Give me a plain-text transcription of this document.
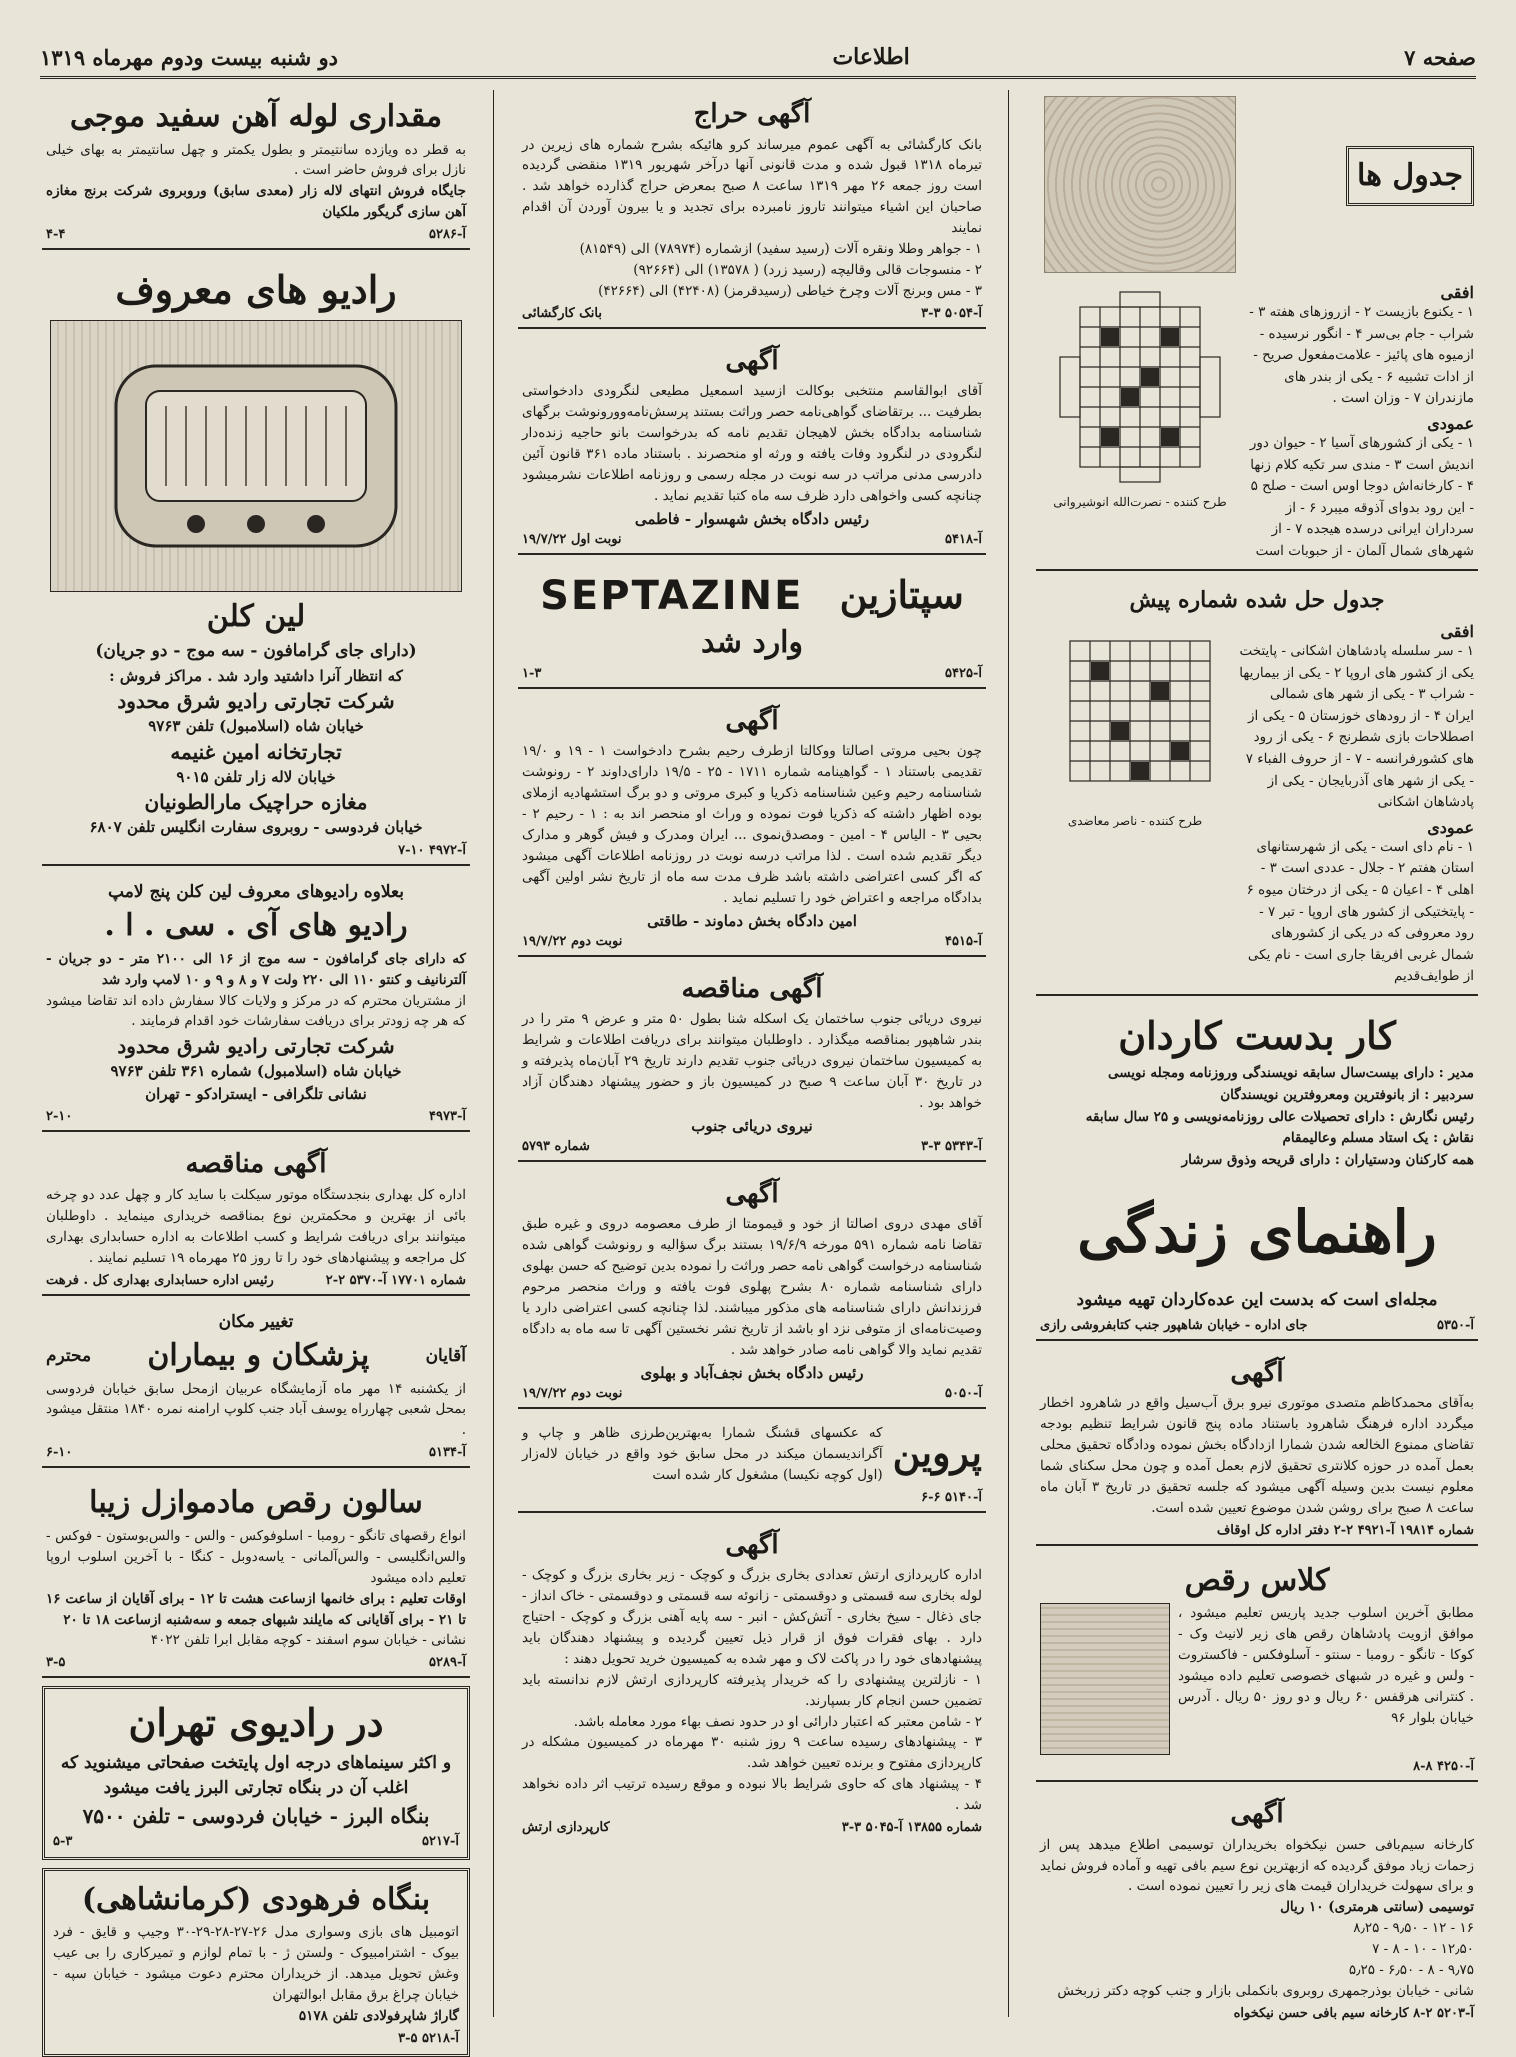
صفحه ۷
اطلاعات
دو شنبه بیست ودوم مهرماه ۱۳۱۹
جدول ها
افقی
۱ - یکنوع بازیست ۲ - ازروزهای هفته ۳ - شراب - جام بی‌سر ۴ - انگور نرسیده - ازمیوه های پائیز - علامت‌مفعول صریح - از ادات تشبیه ۶ - یکی از بندر های مازندران ۷ - وزان است .
عمودی
۱ - یکی از کشورهای آسیا ۲ - حیوان دور اندیش است ۳ - مندی سر تکیه کلام زنها ۴ - کارخانه‌اش دوجا اوس است - صلح ۵ - این رود بدوای آذوقه میبرد ۶ - از سرداران ایرانی درسده هیجده ۷ - از شهرهای شمال آلمان - از حبوبات است
طرح کننده - نصرت‌الله انوشیروانی
جدول حل شده شماره پیش
افقی
۱ - سر سلسله پادشاهان اشکانی - پایتخت یکی از کشور های اروپا ۲ - یکی از بیماریها - شراب ۳ - یکی از شهر های شمالی ایران ۴ - از رودهای خوزستان ۵ - یکی از اصطلاحات بازی شطرنج ۶ - یکی از رود های کشورفرانسه - ۷ - از حروف الفباء ۷ - یکی از شهر های آذربایجان - یکی از پادشاهان اشکانی
عمودی
۱ - نام دای است - یکی از شهرستانهای استان هفتم ۲ - جلال - عددی است ۳ - اهلی ۴ - اعیان ۵ - یکی از درختان میوه ۶ - پایتختیکی از کشور های اروپا - تبر ۷ - رود معروفی که در یکی از کشورهای شمال غربی افریقا جاری است - نام یکی از طوایف‌قدیم
طرح کننده - ناصر معاضدی
کار بدست کاردان
مدیر : دارای بیست‌سال سابقه نویسندگی وروزنامه ومجله نویسی
سردبیر : از بانوفترین ومعروفترین نویسندگان
رئیس نگارش : دارای تحصیلات عالی روزنامه‌نویسی و ۲۵ سال سابقه
نقاش : یک استاد مسلم وعالیمقام
همه کارکنان ودستیاران : دارای قریحه وذوق سرشار
راهنمای زندگی
مجله‌ای است که بدست این عده‌کاردان تهیه میشود
آ-۵۳۵۰
جای اداره - خیابان شاهپور جنب کتابفروشی رازی
آگهی
به‌آقای محمدکاظم متصدی موتوری نیرو برق آب‌سیل واقع در شاهرود اخطار میگردد اداره فرهنگ شاهرود باستناد ماده پنج قانون شرایط تنظیم بودجه تقاضای ممنوع الخالعه شدن شمارا ازدادگاه بخش نموده ودادگاه تحقیق محلی بعمل آمده در حوزه کلانتری تحقیق لازم بعمل آمده و چون محل سکنای شما معلوم نیست بدین وسیله آگهی میشود که جلسه تحقیق در تاریخ ۳ آبان ماه ساعت ۸ صبح برای روشن شدن موضوع تعیین شده است.
شماره ۱۹۸۱۴ آ-۴۹۲۱ ۲-۲ دفتر اداره کل اوقاف
کلاس رقص
مطابق آخرین اسلوب جدید پاریس تعلیم میشود ، موافق ازویت پادشاهان رقص های زیر لانیث وک - کوکا - تانگو - رومبا - سنتو - آسلوفکس - فاکستروت - ولس و غیره در شبهای خصوصی تعلیم داده میشود . کنترانی هرقفس ۶۰ ریال و دو روز ۵۰ ریال . آدرس خیابان بلوار ۹۶
آ-۴۲۵۰ ۸-۸
آگهی
کارخانه سیم‌بافی حسن نیکخواه بخریداران توسیمی اطلاع میدهد پس از زحمات زیاد موفق گردیده که ازبهترین نوع سیم بافی تهیه و آماده فروش نماید و برای سهولت خریداران قیمت های زیر را تعیین نموده است .
توسیمی (سانتی هرمتری) ۱۰ ریال
۱۶ - ۱۲ - ۹٫۵۰ - ۸٫۲۵
۱۲٫۵۰ - ۱۰ - ۸ - ۷
۹٫۷۵ - ۸ - ۶٫۵۰ - ۵٫۲۵
شانی - خیابان بوذرجمهری روبروی بانکملی بازار و جنب کوچه دکتر زربخش
آ-۵۲۰۳ ۲-۸ کارخانه سیم بافی حسن نیکخواه
آگهی حراج
بانک کارگشائی به آگهی عموم میرساند کرو هائیکه بشرح شماره های زیرین در تیرماه ۱۳۱۸ قبول شده و مدت قانونی آنها درآخر شهریور ۱۳۱۹ منقضی گردیده است روز جمعه ۲۶ مهر ۱۳۱۹ ساعت ۸ صبح بمعرض حراج گذارده خواهد شد . صاحبان این اشیاء میتوانند تاروز نامبرده برای تجدید و یا بیرون آوردن آن اقدام نمایند
۱ - جواهر وطلا ونقره آلات (رسید سفید) ازشماره (۷۸۹۷۴) الی (۸۱۵۴۹)
۲ - منسوجات قالی وقالیچه (رسید زرد) ( ۱۳۵۷۸) الی (۹۲۶۶۴)
۳ - مس وبرنج آلات وچرخ خیاطی (رسیدقرمز) (۴۲۴۰۸) الی (۴۲۶۶۴)
آ-۵۰۵۴ ۳-۳
بانک کارگشائی
آگهی
آقای ابوالقاسم منتخبی بوکالت ازسید اسمعیل مطیعی لنگرودی دادخواستی بطرفیت ... برتقاضای گواهی‌نامه حصر وراثت بستند پرسش‌نامه‌وورونوشت برگهای شناسنامه بدادگاه بخش لاهیجان تقدیم نامه که بدرخواست بانو حاجیه زنده‌دار لنگرودی در لنگرود وفات یافته و ورثه او منحصرند . باستناد ماده ۳۶۱ قانون آئین دادرسی مدنی مراتب در سه نوبت در مجله رسمی و روزنامه اطلاعات نشرمیشود چنانچه کسی واخواهی دارد ظرف سه ماه کتبا تقدیم نماید .
رئیس دادگاه بخش شهسوار - فاطمی
آ-۵۴۱۸
نوبت اول ۱۹/۷/۲۲
سپتازین
SEPTAZINE
وارد شد
آ-۵۴۲۵
۱-۳
آگهی
چون بحیی مروتی اصالتا ووکالتا ازطرف رحیم بشرح دادخواست ۱ - ۱۹ و ۱۹/۰ تقدیمی باستناد ۱ - گواهینامه شماره ۱۷۱۱ - ۲۵ - ۱۹/۵ دارای‌داوند ۲ - رونوشت شناسنامه رحیم وعین شناسنامه ذکریا و کبری مروتی و دو برگ استشهادیه ازملای بوده اظهار داشته که ذکریا فوت نموده و وراث او منحصر اند به : ۱ - رحیم ۲ - بحیی ۳ - الیاس ۴ - امین - ومصدق‌نموی ... ایران ومدرک و فیش گوهر و مدارک دیگر تقدیم شده است . لذا مراتب درسه نوبت در روزنامه اطلاعات آگهی میشود که اگر کسی اعتراضی داشته باشد ظرف مدت سه ماه از تاریخ نشر اولین آگهی بدادگاه مراجعه و اعتراض خود را تسلیم نماید .
امین دادگاه بخش دماوند - طاقتی
آ-۴۵۱۵
نوبت دوم ۱۹/۷/۲۲
آگهی مناقصه
نیروی دریائی جنوب ساختمان یک اسکله شنا بطول ۵۰ متر و عرض ۹ متر را در بندر شاهپور بمناقصه میگذارد . داوطلبان میتوانند برای دریافت اطلاعات و شرایط به کمیسیون ساختمان نیروی دریائی جنوب تقدیم دارند تاریخ ۲۹ آبان‌ماه پذیرفته و در تاریخ ۳۰ آبان ساعت ۹ صبح در کمیسیون باز و حضور پیشنهاد دهندگان آزاد خواهد بود .
نیروی دریائی جنوب
آ-۵۳۴۳ ۳-۳
شماره ۵۷۹۳
آگهی
آقای مهدی دروی اصالتا از خود و قیمومتا از طرف معصومه دروی و غیره طبق تقاضا نامه شماره ۵۹۱ مورخه ۱۹/۶/۹ بستند برگ سؤالیه و رونوشت گواهی شده شناسنامه درخواست گواهی نامه حصر وراثت را نموده بدین توضیح که حسن بهلوی دارای شناسنامه شماره ۸۰ بشرح پهلوی فوت یافته و وراث منحصر مرحوم فرزندانش دارای شناسنامه های مذکور میباشند. لذا چنانچه کسی اعتراضی دارد یا وصیت‌نامه‌ای از متوفی نزد او باشد از تاریخ نشر نخستین آگهی تا سه ماه به دادگاه تقدیم نماید والا گواهی نامه صادر خواهد شد .
رئیس دادگاه بخش نجف‌آباد و بهلوی
آ-۵۰۵۰
نوبت دوم ۱۹/۷/۲۲
پروین
که عکسهای قشنگ شمارا به‌بهترین‌طرزی ظاهر و چاپ و آگراندیسمان میکند در محل سابق خود واقع در خیابان لاله‌زار (اول کوچه نکیسا) مشغول کار شده است
آ-۵۱۴۰ ۶-۶
آگهی
اداره کارپردازی ارتش تعدادی بخاری بزرگ و کوچک - زیر بخاری بزرگ و کوچک - لوله بخاری سه قسمتی و دوقسمتی - زانوئه سه قسمتی و دوقسمتی - خاک انداز - جای ذغال - سیخ بخاری - آتش‌کش - انبر - سه پایه آهنی بزرگ و کوچک - احتیاج دارد . بهای فقرات فوق از قرار ذیل تعیین گردیده و پیشنهاد دهندگان باید پیشنهادهای خود را در پاکت لاک و مهر شده به کمیسیون خرید تحویل دهند :
۱ - نازلترین پیشنهادی را که خریدار پذیرفته کارپردازی ارتش لازم ندانسته باید تضمین حسن انجام کار بسپارند.
۲ - شامن معتبر که اعتبار دارائی او در حدود نصف بهاء مورد معامله باشد.
۳ - پیشنهادهای رسیده ساعت ۹ روز شنبه ۳۰ مهرماه در کمیسیون مشکله در کارپردازی مفتوح و برنده تعیین خواهد شد.
۴ - پیشنهاد های که حاوی شرایط بالا نبوده و موقع رسیده ترتیب اثر داده نخواهد شد .
شماره ۱۳۸۵۵ آ-۵۰۴۵ ۳-۳
کارپردازی ارتش
مقداری لوله آهن سفید موجی
به قطر ده ویازده سانتیمتر و بطول یکمتر و چهل سانتیمتر به بهای خیلی نازل برای فروش حاضر است .
جایگاه فروش انتهای لاله زار (معدی سابق) وروبروی شرکت برنج مغازه آهن سازی گریگور ملکیان
آ-۵۲۸۶
۴-۴
رادیو های معروف
لین کلن
(دارای جای گرامافون - سه موج - دو جریان)
که انتظار آنرا داشتید وارد شد . مراکز فروش :
شرکت تجارتی رادیو شرق محدود
خیابان شاه (اسلامبول) تلفن ۹۷۶۳
تجارتخانه امین غنیمه
خیابان لاله زار تلفن ۹۰۱۵
مغازه حراچیک مارالطونیان
خیابان فردوسی - روبروی سفارت انگلیس تلفن ۶۸۰۷
آ-۴۹۷۲ ۱۰-۷
بعلاوه رادیوهای معروف لین کلن پنج لامپ
رادیو های آی . سی . ا .
که دارای جای گرامافون - سه موج از ۱۶ الی ۲۱۰۰ متر - دو جریان - آلترنانیف و کنتو ۱۱۰ الی ۲۲۰ ولت ۷ و ۸ و ۹ و ۱۰ لامپ وارد شد
از مشتریان محترم که در مرکز و ولایات کالا سفارش داده اند تقاضا میشود که هر چه زودتر برای دریافت سفارشات خود اقدام فرمایند .
شرکت تجارتی رادیو شرق محدود
خیابان شاه (اسلامبول) شماره ۳۶۱ تلفن ۹۷۶۳
نشانی تلگرافی - ایسترادکو - تهران
آ-۴۹۷۳
۲-۱۰
آگهی مناقصه
اداره کل بهداری بنجدستگاه موتور سیکلت با ساید کار و چهل عدد دو چرخه بائی از بهترین و محکمترین نوع بمناقصه خریداری مینماید . داوطلبان میتوانند برای دریافت شرایط و کسب اطلاعات به اداره حسابداری بهداری کل مراجعه و پیشنهادهای خود را تا روز ۲۵ مهرماه ۱۹ تسلیم نمایند .
شماره ۱۷۷۰۱ آ-۵۳۷۰ ۲-۲
رئیس اداره حسابداری بهداری کل . فرهت
تغییر مکان
آقایان
پزشکان و بیماران
محترم
از یکشنبه ۱۴ مهر ماه آزمایشگاه عربیان ازمحل سابق خیابان فردوسی بمحل شعبی چهارراه یوسف آباد جنب کلوپ ارامنه نمره ۱۸۴۰ منتقل میشود .
آ-۵۱۳۴
۶-۱۰
سالون رقص مادموازل زیبا
انواع رقصهای تانگو - رومبا - اسلوفوکس - والس - والس‌بوستون - فوکس - والس‌انگلیسی - والس‌آلمانی - یاسه‌دوبل - کنگا - با آخرین اسلوب اروپا تعلیم داده میشود
اوقات تعلیم : برای خانمها ازساعت هشت تا ۱۲ - برای آقایان از ساعت ۱۶ تا ۲۱ - برای آقایانی که مایلند شبهای جمعه و سه‌شنبه ازساعت ۱۸ تا ۲۰
نشانی - خیابان سوم اسفند - کوچه مقابل ابرا تلفن ۴۰۲۲
آ-۵۲۸۹
۳-۵
در رادیوی تهران
و اکثر سینماهای درجه اول پایتخت صفحاتی میشنوید که اغلب آن در بنگاه تجارتی البرز یافت میشود
بنگاه البرز - خیابان فردوسی - تلفن ۷۵۰۰
آ-۵۲۱۷
۵-۳
بنگاه فرهودی (کرمانشاهی)
اتومبیل های بازی وسواری مدل ۲۶-۲۷-۲۸-۲۹-۳۰ وجیپ و قایق - فرد بیوک - اشترامبیوک - ولستن ژ - با تمام لوازم و تمیرکاری را بی عیب وغش تحویل میدهد. از خریداران محترم دعوت میشود - خیابان سپه - خیابان چراغ برق مقابل ابوالتهران
گاراژ شاپرفولادی تلفن ۵۱۷۸
آ-۵۲۱۸ ۵-۳
